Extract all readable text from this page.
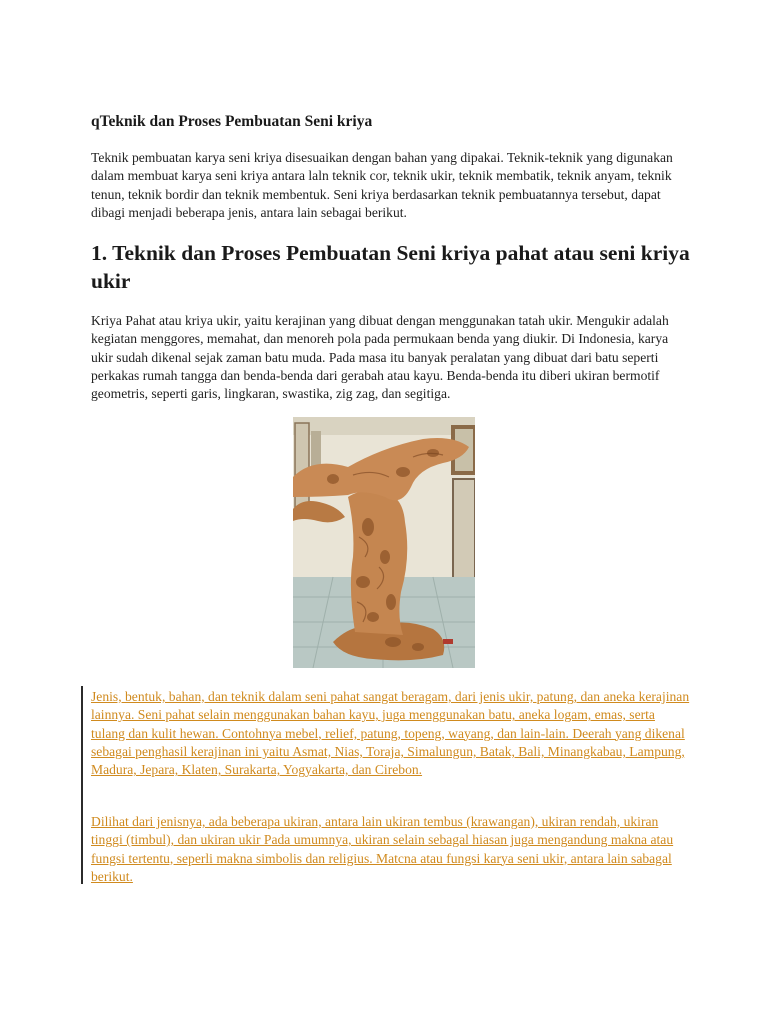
qTeknik dan Proses Pembuatan Seni kriya

Teknik pembuatan karya seni kriya disesuaikan dengan bahan yang dipakai. Teknik-teknik yang digunakan dalam membuat karya seni kriya antara laln teknik cor, teknik ukir, teknik membatik, teknik anyam, teknik tenun, teknik bordir dan teknik membentuk. Seni kriya berdasarkan teknik pembuatannya tersebut, dapat dibagi menjadi beberapa jenis, antara lain sebagai berikut.

1. Teknik dan Proses Pembuatan Seni kriya pahat atau seni kriya ukir

Kriya Pahat atau kriya ukir, yaitu kerajinan yang dibuat dengan menggunakan tatah ukir. Mengukir adalah kegiatan menggores, memahat, dan menoreh pola pada permukaan benda yang diukir. Di Indonesia, karya ukir sudah dikenal sejak zaman batu muda. Pada masa itu banyak peralatan yang dibuat dari batu seperti perkakas rumah tangga dan benda-benda dari gerabah atau kayu. Benda-benda itu diberi ukiran bermotif geometris, seperti garis, lingkaran, swastika, zig zag, dan segitiga.

Jenis, bentuk, bahan, dan teknik dalam seni pahat sangat beragam, dari jenis ukir, patung, dan aneka kerajinan lainnya. Seni pahat selain menggunakan bahan kayu, juga menggunakan batu, aneka logam, emas, serta tulang dan kulit hewan. Contohnya mebel, relief, patung, topeng, wayang, dan lain-lain. Deerah yang dikenal sebagai penghasil kerajinan ini yaitu Asmat, Nias, Toraja, Simalungun, Batak, Bali, Minangkabau, Lampung, Madura, Jepara, Klaten, Surakarta, Yogyakarta, dan Cirebon.

Dilihat dari jenisnya, ada beberapa ukiran, antara lain ukiran tembus (krawangan), ukiran rendah, ukiran tinggi (timbul), dan ukiran ukir Pada umumnya, ukiran selain sebagal hiasan juga mengandung makna atau fungsi tertentu, seperli makna simbolis dan religius. Matcna atau fungsi karya seni ukir, antara lain sabagal berikut.
